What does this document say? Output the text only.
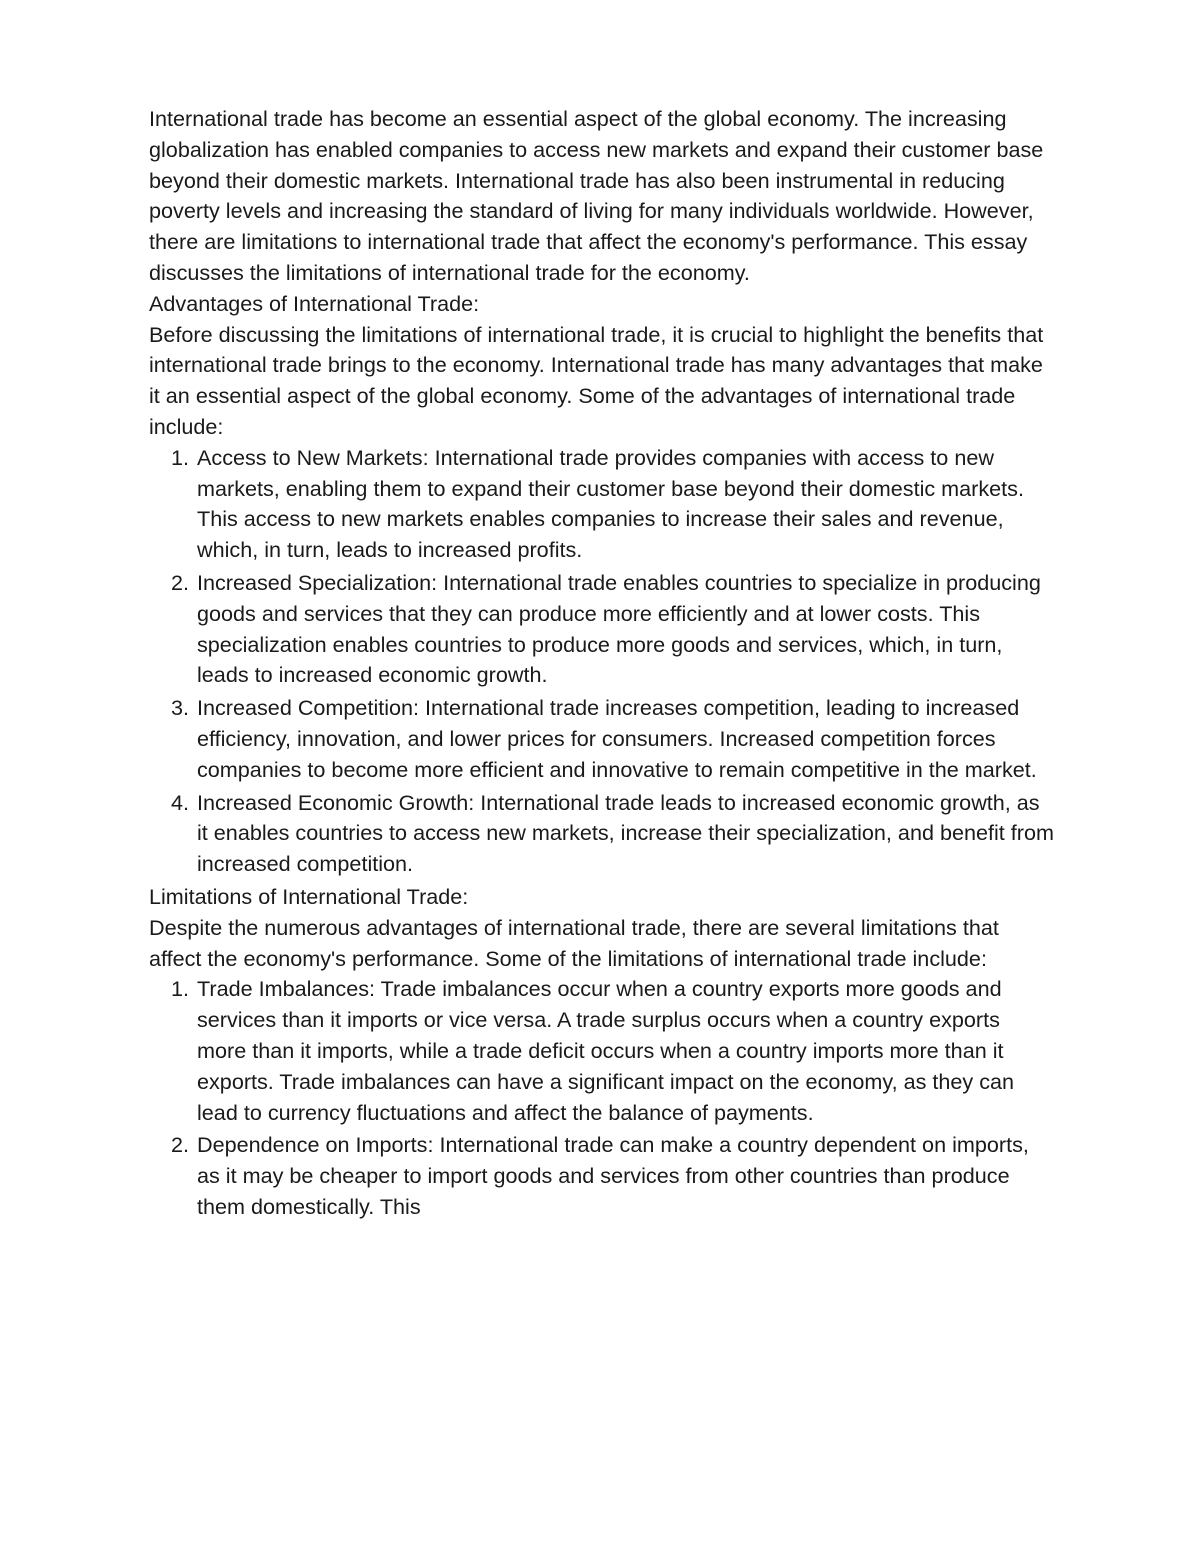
International trade has become an essential aspect of the global economy. The increasing globalization has enabled companies to access new markets and expand their customer base beyond their domestic markets. International trade has also been instrumental in reducing poverty levels and increasing the standard of living for many individuals worldwide. However, there are limitations to international trade that affect the economy's performance. This essay discusses the limitations of international trade for the economy.

Advantages of International Trade:

Before discussing the limitations of international trade, it is crucial to highlight the benefits that international trade brings to the economy. International trade has many advantages that make it an essential aspect of the global economy. Some of the advantages of international trade include:

1. Access to New Markets: International trade provides companies with access to new markets, enabling them to expand their customer base beyond their domestic markets. This access to new markets enables companies to increase their sales and revenue, which, in turn, leads to increased profits.
2. Increased Specialization: International trade enables countries to specialize in producing goods and services that they can produce more efficiently and at lower costs. This specialization enables countries to produce more goods and services, which, in turn, leads to increased economic growth.
3. Increased Competition: International trade increases competition, leading to increased efficiency, innovation, and lower prices for consumers. Increased competition forces companies to become more efficient and innovative to remain competitive in the market.
4. Increased Economic Growth: International trade leads to increased economic growth, as it enables countries to access new markets, increase their specialization, and benefit from increased competition.

Limitations of International Trade:

Despite the numerous advantages of international trade, there are several limitations that affect the economy's performance. Some of the limitations of international trade include:

1. Trade Imbalances: Trade imbalances occur when a country exports more goods and services than it imports or vice versa. A trade surplus occurs when a country exports more than it imports, while a trade deficit occurs when a country imports more than it exports. Trade imbalances can have a significant impact on the economy, as they can lead to currency fluctuations and affect the balance of payments.
2. Dependence on Imports: International trade can make a country dependent on imports, as it may be cheaper to import goods and services from other countries than produce them domestically. This
